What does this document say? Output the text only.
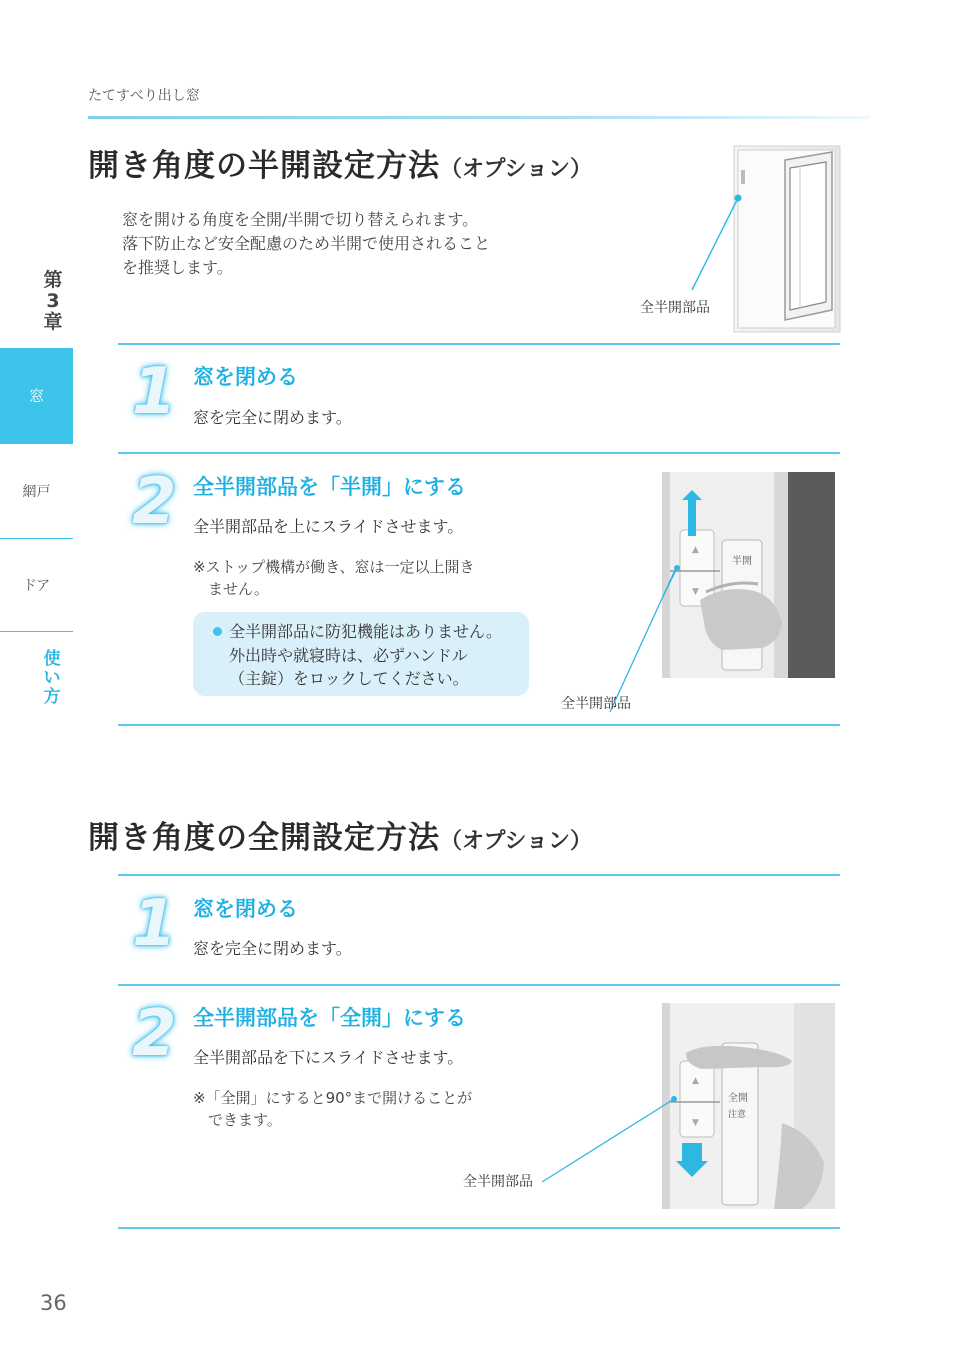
たてすべり出し窓
第
3
章
窓
網戸
ドア
使
い
方
開き角度の半開設定方法（オプション）
窓を開ける角度を全開/半開で切り替えられます。
落下防止など安全配慮のため半開で使用されること
を推奨します。
全半開部品
1 窓を閉める
窓を完全に閉めます。
2 全半開部品を「半開」にする
全半開部品を上にスライドさせます。
※ストップ機構が働き、窓は一定以上開き
　ません。
全半開部品に防犯機能はありません。
外出時や就寝時は、必ずハンドル
（主錠）をロックしてください。
▲
▼
半開
全半開部品
開き角度の全開設定方法（オプション）
1 窓を閉める
窓を完全に閉めます。
2 全半開部品を「全開」にする
全半開部品を下にスライドさせます。
※「全開」にすると90°まで開けることが
　できます。
▲
▼
全開
注意
全半開部品
36
